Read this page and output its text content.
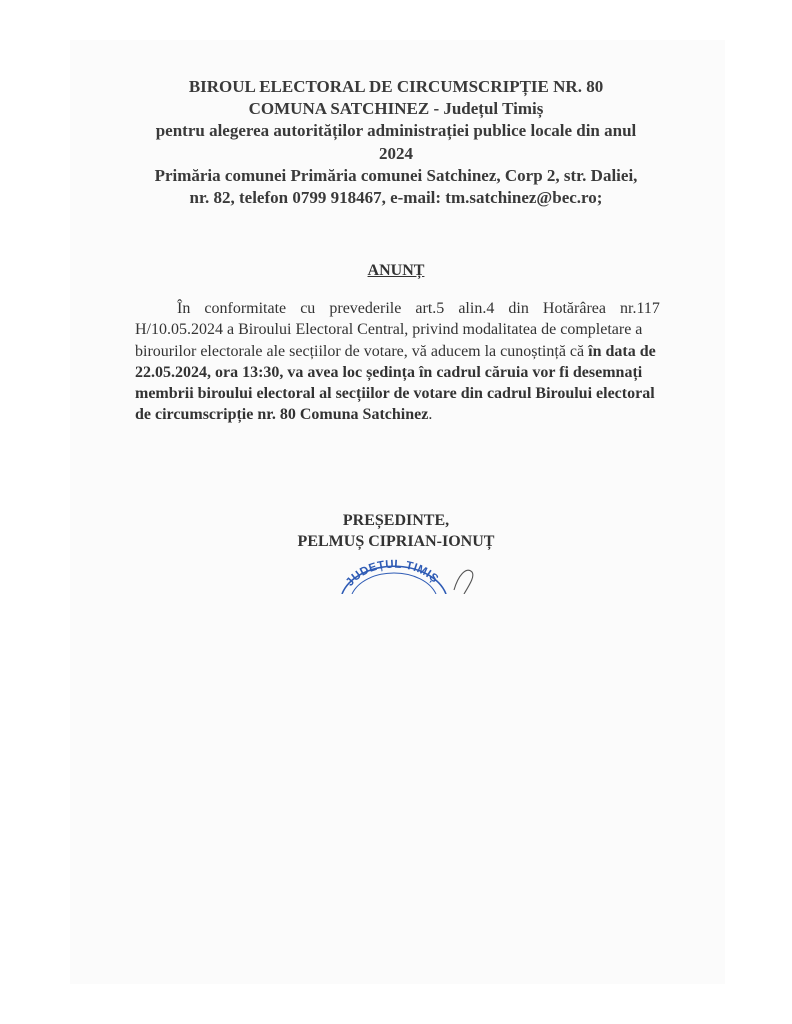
BIROUL ELECTORAL DE CIRCUMSCRIPȚIE NR. 80
COMUNA SATCHINEZ - Județul Timiș
pentru alegerea autorităților administrației publice locale din anul
2024
Primăria comunei Primăria comunei Satchinez, Corp 2, str. Daliei,
nr. 82, telefon 0799 918467, e-mail: tm.satchinez@bec.ro;
ANUNȚ
În conformitate cu prevederile art.5 alin.4 din Hotărârea nr.117
H/10.05.2024 a Biroului Electoral Central, privind modalitatea de completare a
birourilor electorale ale secțiilor de votare, vă aducem la cunoștință că în data de
22.05.2024, ora 13:30, va avea loc ședința în cadrul căruia vor fi desemnați
membrii biroului electoral al secțiilor de votare din cadrul Biroului electoral
de circumscripție nr. 80 Comuna Satchinez .
PREȘEDINTE,
PELMUȘ CIPRIAN-IONUȚ
JUDEȚUL TIMIȘ
